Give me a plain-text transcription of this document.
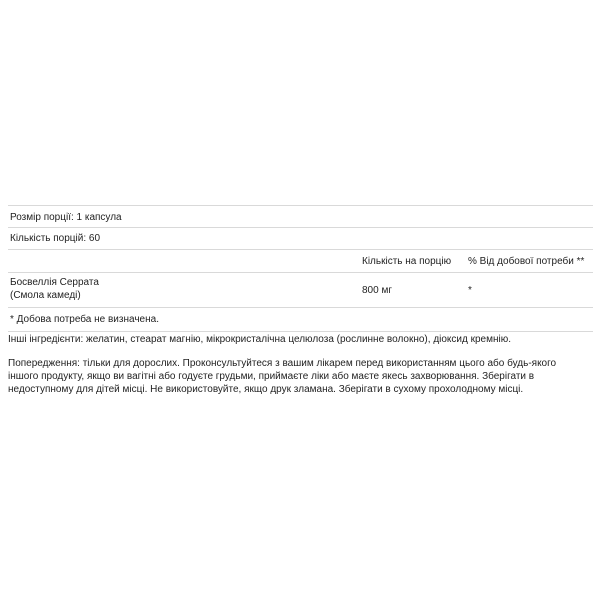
Розмір порції: 1 капсула
Кількість порцій: 60
Кількість на порцію % Від добової потреби **
Босвеллія Серрата
(Смола камеді)	800 мг	*
* Добова потреба не визначена.
Інші інгредієнти: желатин, стеарат магнію, мікрокристалічна целюлоза (рослинне волокно), діоксид кремнію.
Попередження: тільки для дорослих. Проконсультуйтеся з вашим лікарем перед використанням цього або будь-якого іншого продукту, якщо ви вагітні або годуєте грудьми, приймаєте ліки або маєте якесь захворювання. Зберігати в недоступному для дітей місці. Не використовуйте, якщо друк зламана. Зберігати в сухому прохолодному місці.
